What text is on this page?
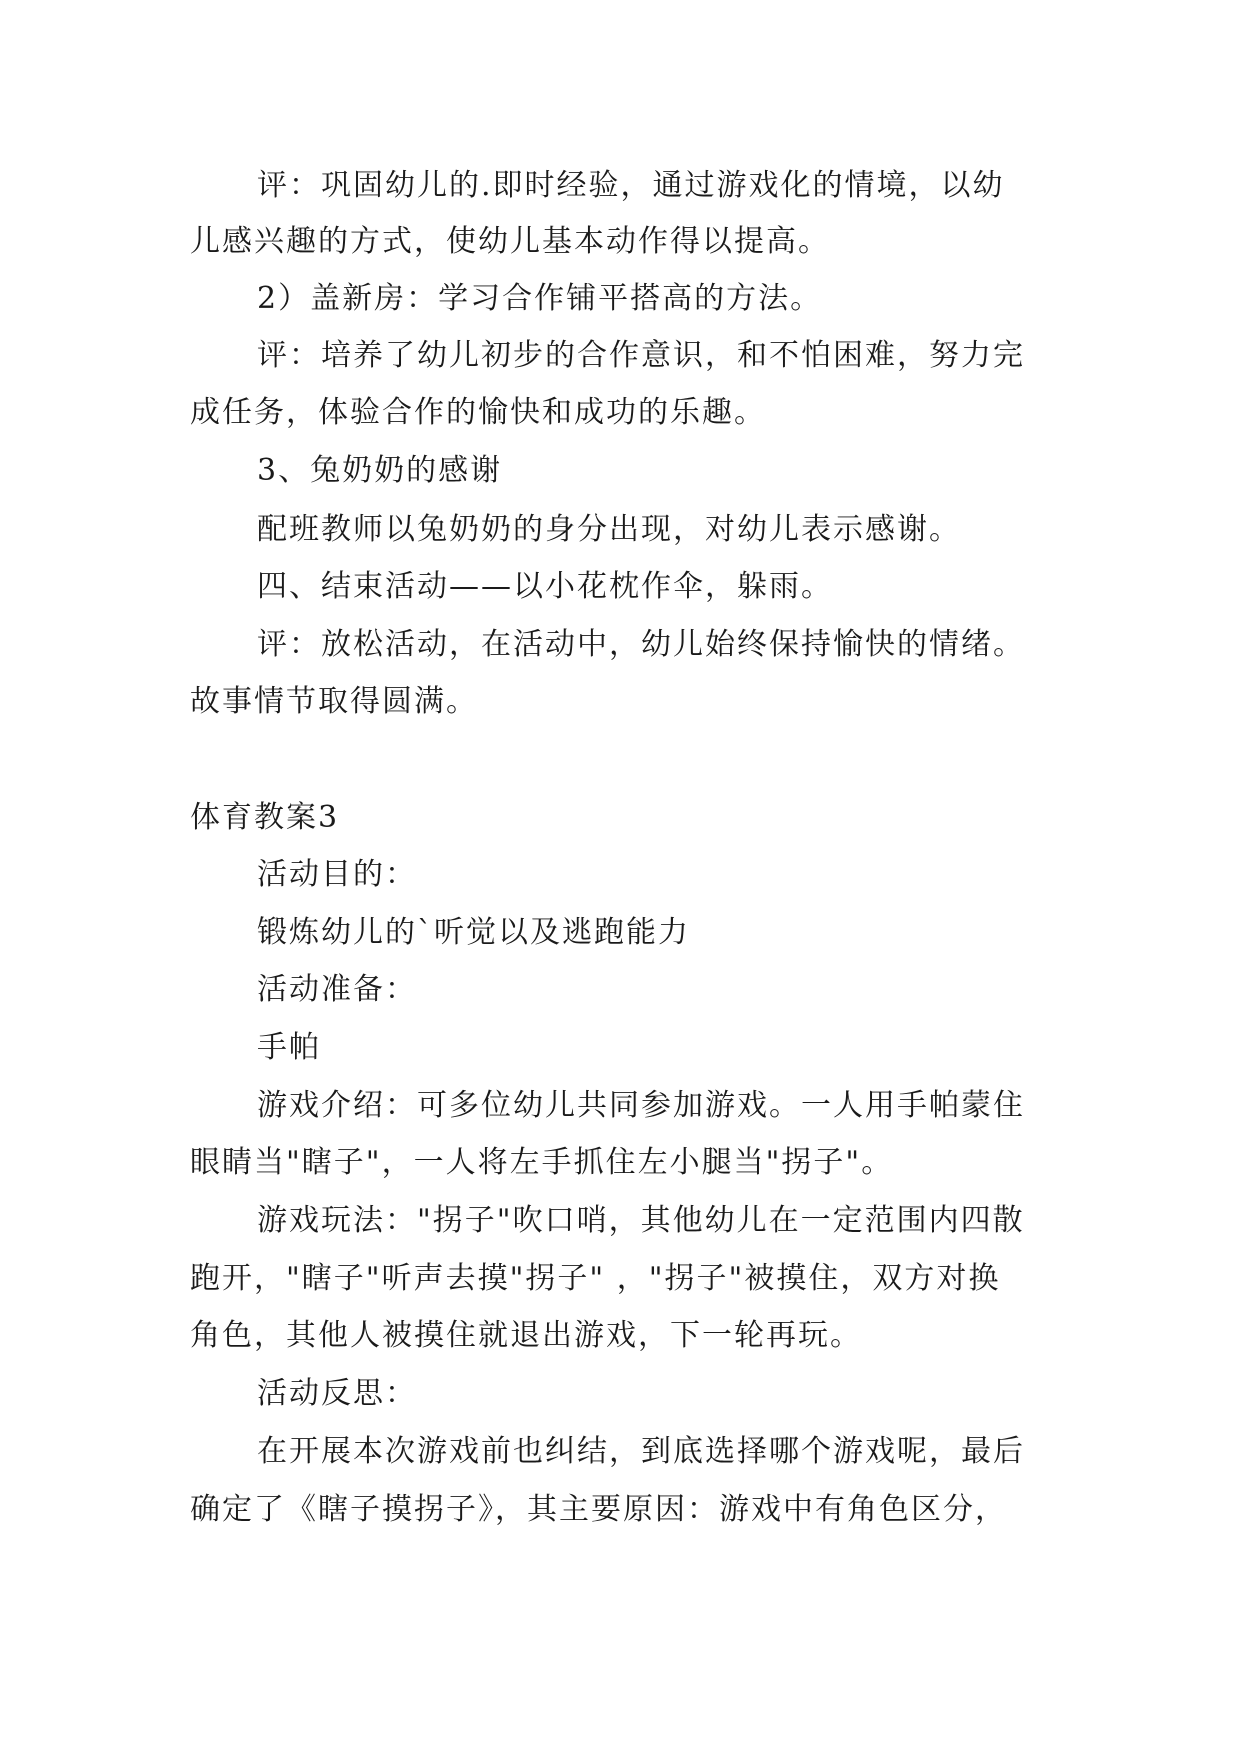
评：巩固幼儿的.即时经验，通过游戏化的情境，以幼
儿感兴趣的方式，使幼儿基本动作得以提高。
2）盖新房：学习合作铺平搭高的方法。
评：培养了幼儿初步的合作意识，和不怕困难，努力完
成任务，体验合作的愉快和成功的乐趣。
3、兔奶奶的感谢
配班教师以兔奶奶的身分出现，对幼儿表示感谢。
四、结束活动——以小花枕作伞，躲雨。
评：放松活动，在活动中，幼儿始终保持愉快的情绪。
故事情节取得圆满。
体育教案3
活动目的：
锻炼幼儿的`听觉以及逃跑能力
活动准备：
手帕
游戏介绍：可多位幼儿共同参加游戏。一人用手帕蒙住
眼睛当"瞎子"，一人将左手抓住左小腿当"拐子"。
游戏玩法："拐子"吹口哨，其他幼儿在一定范围内四散
跑开，"瞎子"听声去摸"拐子" ，"拐子"被摸住，双方对换
角色，其他人被摸住就退出游戏，下一轮再玩。
活动反思：
在开展本次游戏前也纠结，到底选择哪个游戏呢，最后
确定了《瞎子摸拐子》，其主要原因：游戏中有角色区分，
